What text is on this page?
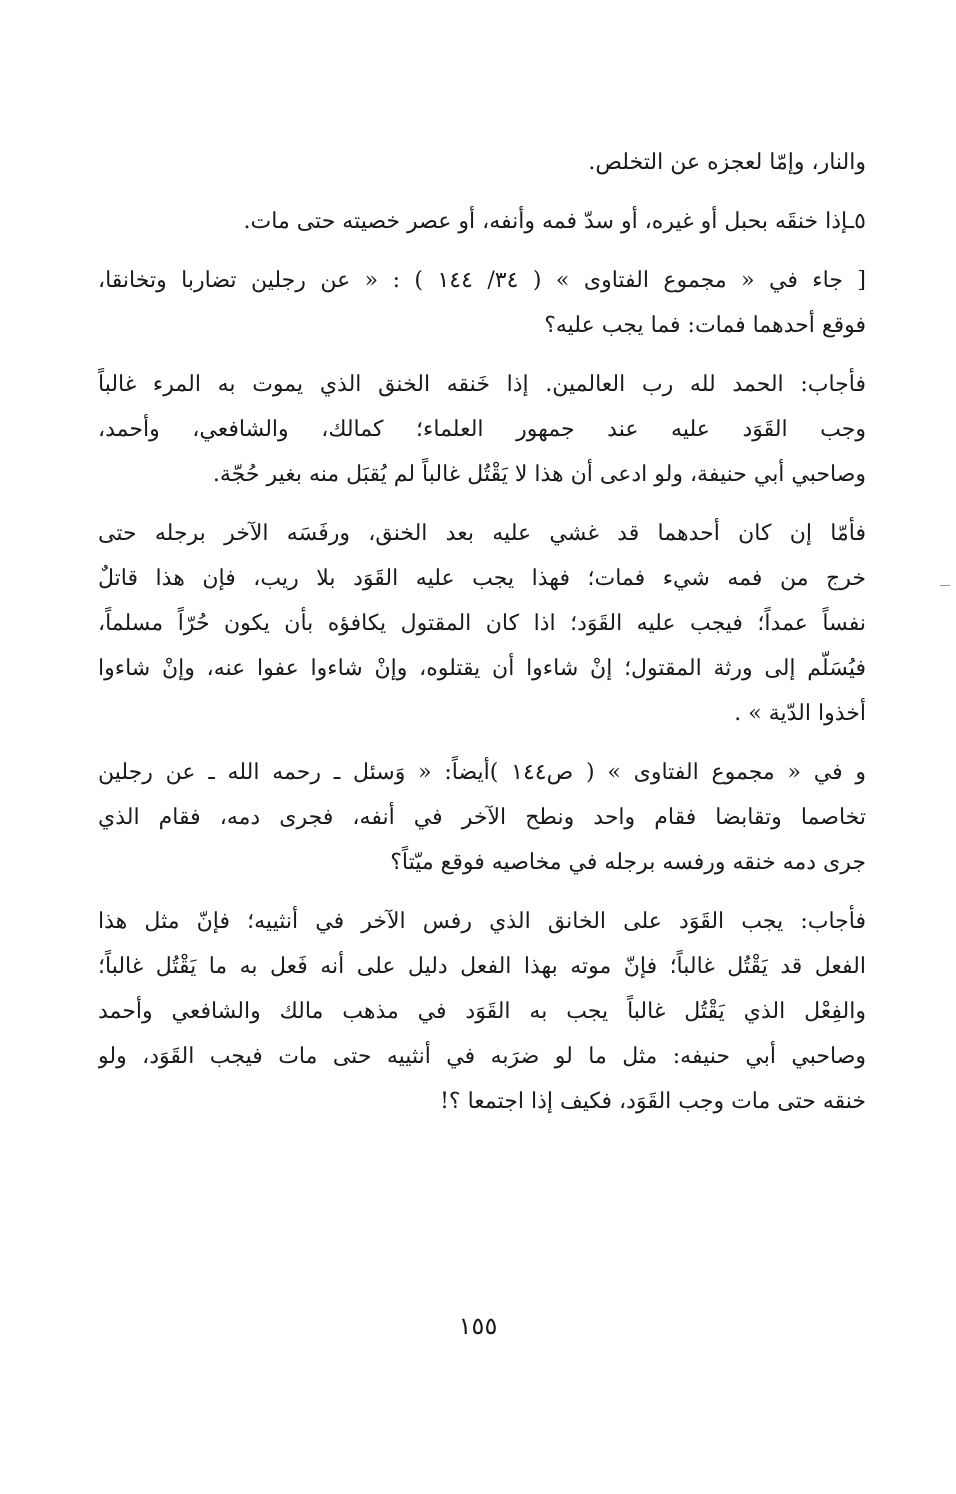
والنار، وإمّا لعجزه عن التخلص.
٥ـإذا خنقَه بحبل أو غيره، أو سدّ فمه وأنفه، أو عصر خصيته حتى مات.
[ جاء في « مجموع الفتاوى » ( ٣٤/ ١٤٤ ) : « عن رجلين تضاربا وتخانقا،
فوقع أحدهما فمات: فما يجب عليه؟
فأجاب: الحمد لله رب العالمين. إذا خَنقه الخنق الذي يموت به المرء غالباً
وجب القَوَد عليه عند جمهور العلماء؛ كمالك، والشافعي، وأحمد،
وصاحبي أبي حنيفة، ولو ادعى أن هذا لا يَقْتُل غالباً لم يُقبَل منه بغير حُجّة.
فأمّا إن كان أحدهما قد غشي عليه بعد الخنق، ورفَسَه الآخر برجله حتى
خرج من فمه شيء فمات؛ فهذا يجب عليه القَوَد بلا ريب، فإن هذا قاتلٌ
نفساً عمداً؛ فيجب عليه القَوَد؛ اذا كان المقتول يكافؤه بأن يكون حُرّاً مسلماً،
فيُسَلّم إلى ورثة المقتول؛ إنْ شاءوا أن يقتلوه، وإنْ شاءوا عفوا عنه، وإنْ شاءوا
أخذوا الدّية » .
و في « مجموع الفتاوى » ( ص١٤٤ )أيضاً: « وَسئل ـ رحمه الله ـ عن رجلين
تخاصما وتقابضا فقام واحد ونطح الآخر في أنفه، فجرى دمه، فقام الذي
جرى دمه خنقه ورفسه برجله في مخاصيه فوقع ميّتاً؟
فأجاب: يجب القَوَد على الخانق الذي رفس الآخر في أنثييه؛ فإنّ مثل هذا
الفعل قد يَقْتُل غالباً؛ فإنّ موته بهذا الفعل دليل على أنه فَعل به ما يَقْتُل غالباً؛
والفِعْل الذي يَقْتُل غالباً يجب به القَوَد في مذهب مالك والشافعي وأحمد
وصاحبي أبي حنيفه: مثل ما لو ضرَبه في أنثييه حتى مات فيجب القَوَد، ولو
خنقه حتى مات وجب القَوَد، فكيف إذا اجتمعا ؟!
١٥٥
